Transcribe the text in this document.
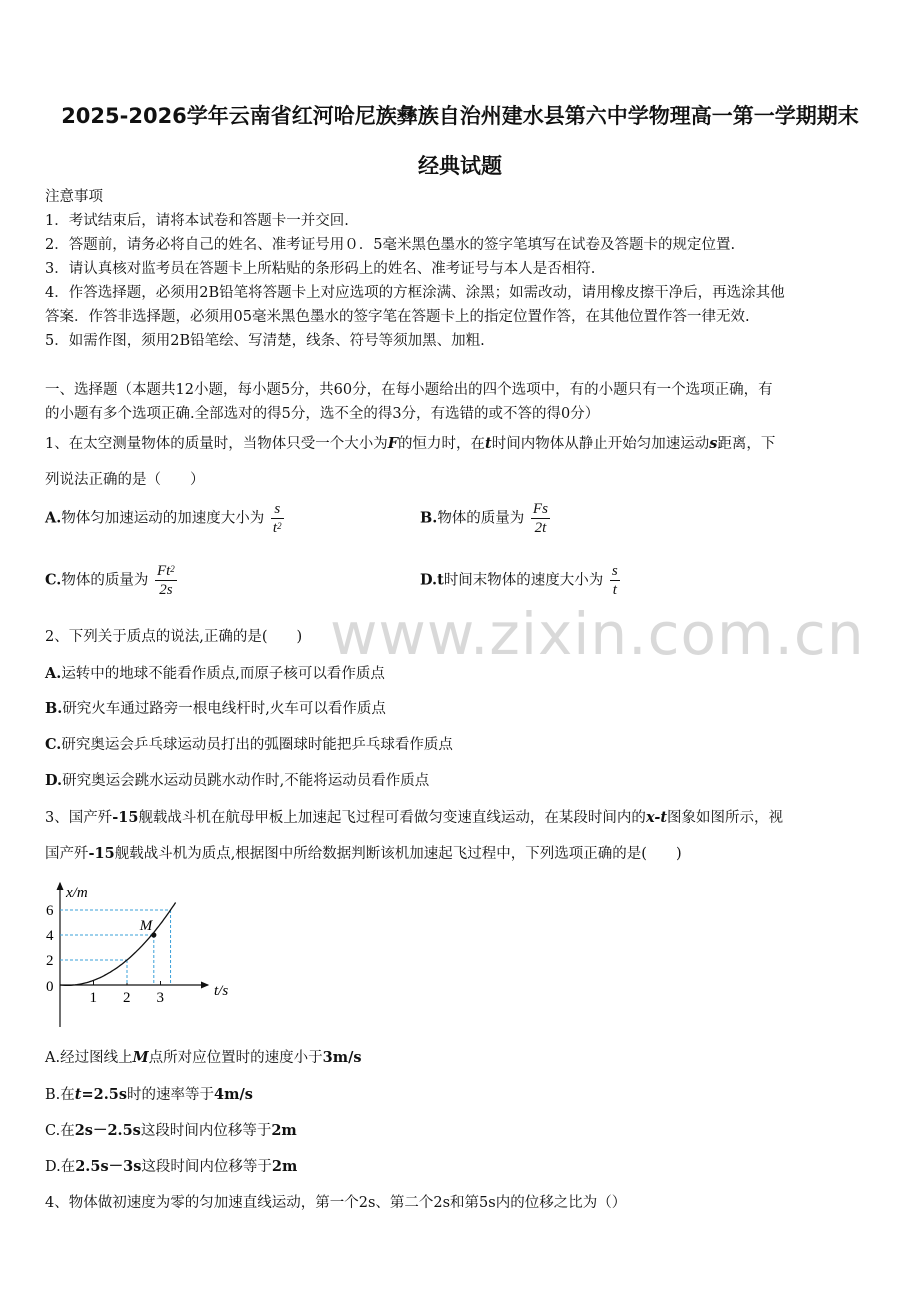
2025-2026学年云南省红河哈尼族彝族自治州建水县第六中学物理高一第一学期期末
经典试题
注意事项
1．考试结束后，请将本试卷和答题卡一并交回.
2．答题前，请务必将自己的姓名、准考证号用０．5毫米黑色墨水的签字笔填写在试卷及答题卡的规定位置.
3．请认真核对监考员在答题卡上所粘贴的条形码上的姓名、准考证号与本人是否相符.
4．作答选择题，必须用2B铅笔将答题卡上对应选项的方框涂满、涂黑；如需改动，请用橡皮擦干净后，再选涂其他
答案．作答非选择题，必须用05毫米黑色墨水的签字笔在答题卡上的指定位置作答，在其他位置作答一律无效.
5．如需作图，须用2B铅笔绘、写清楚，线条、符号等须加黑、加粗.
一、选择题（本题共12小题，每小题5分，共60分，在每小题给出的四个选项中，有的小题只有一个选项正确，有
的小题有多个选项正确.全部选对的得5分，选不全的得3分，有选错的或不答的得0分）
1、在太空测量物体的质量时，当物体只受一个大小为F的恒力时，在t时间内物体从静止开始匀加速运动s距离，下
列说法正确的是（　　）
A.物体匀加速运动的加速度大小为 $\frac{s}{t^2}$	B.物体的质量为 $\frac{Fs}{2t}$
C.物体的质量为 $\frac{Ft^2}{2s}$	D.t时间末物体的速度大小为 $\frac{s}{t}$
www.zixin.com.cn
2、下列关于质点的说法,正确的是(　　)
A.运转中的地球不能看作质点,而原子核可以看作质点
B.研究火车通过路旁一根电线杆时,火车可以看作质点
C.研究奥运会乒乓球运动员打出的弧圈球时能把乒乓球看作质点
D.研究奥运会跳水运动员跳水动作时,不能将运动员看作质点
3、国产歼-15舰载战斗机在航母甲板上加速起飞过程可看做匀变速直线运动，在某段时间内的x-t图象如图所示，视
国产歼-15舰载战斗机为质点,根据图中所给数据判断该机加速起飞过程中，下列选项正确的是(　　)
1 2 3
2
4
6
M
x/m
t/s
0
A.经过图线上M点所对应位置时的速度小于3m/s
B.在t=2.5s时的速率等于4m/s
C.在2s－2.5s这段时间内位移等于2m
D.在2.5s－3s这段时间内位移等于2m
4、物体做初速度为零的匀加速直线运动，第一个2s、第二个2s和第5s内的位移之比为（）
